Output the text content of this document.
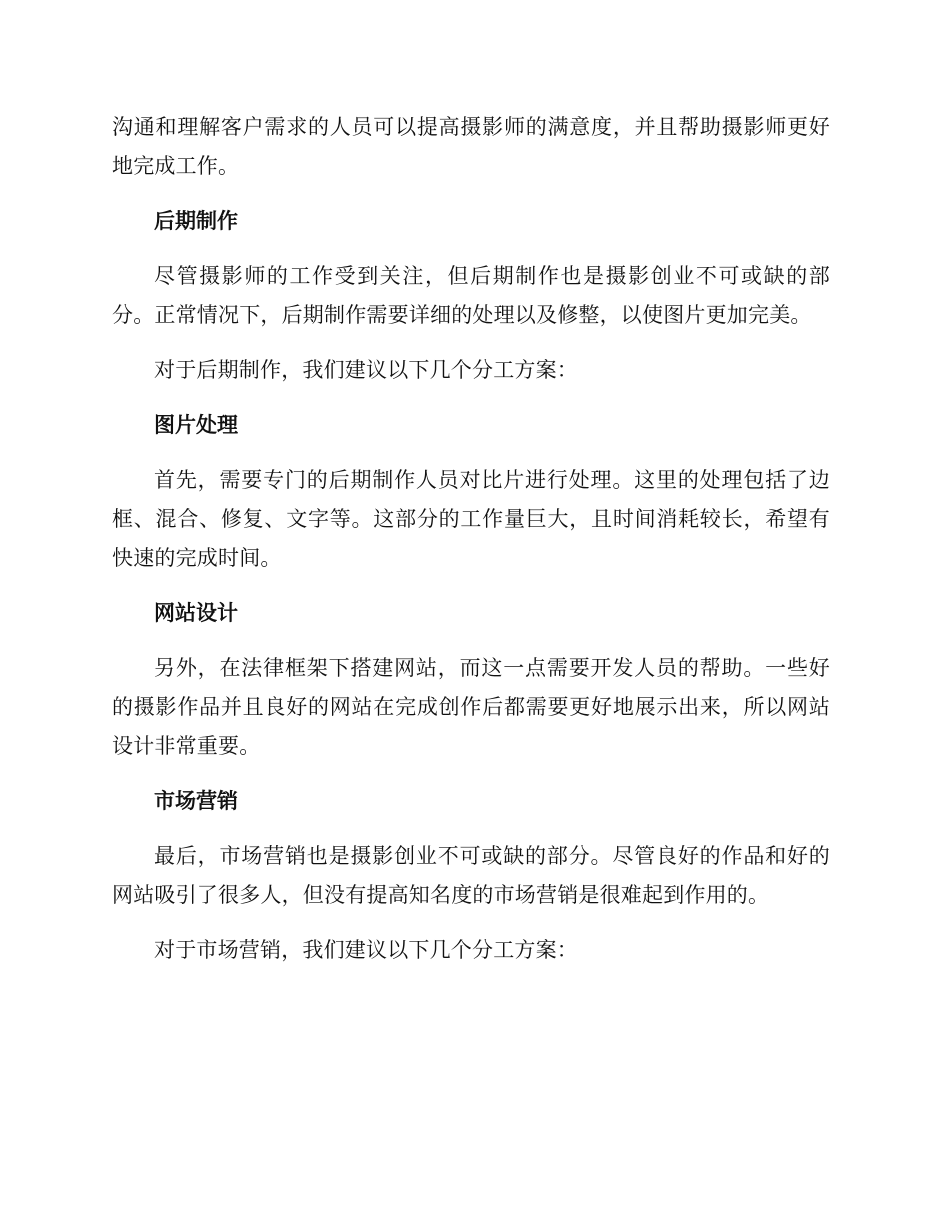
沟通和理解客户需求的人员可以提高摄影师的满意度，并且帮助摄影师更好地完成工作。

后期制作

尽管摄影师的工作受到关注，但后期制作也是摄影创业不可或缺的部分。正常情况下，后期制作需要详细的处理以及修整，以使图片更加完美。

对于后期制作，我们建议以下几个分工方案：

图片处理

首先，需要专门的后期制作人员对比片进行处理。这里的处理包括了边框、混合、修复、文字等。这部分的工作量巨大，且时间消耗较长，希望有快速的完成时间。

网站设计

另外，在法律框架下搭建网站，而这一点需要开发人员的帮助。一些好的摄影作品并且良好的网站在完成创作后都需要更好地展示出来，所以网站设计非常重要。

市场营销

最后，市场营销也是摄影创业不可或缺的部分。尽管良好的作品和好的网站吸引了很多人，但没有提高知名度的市场营销是很难起到作用的。

对于市场营销，我们建议以下几个分工方案：
